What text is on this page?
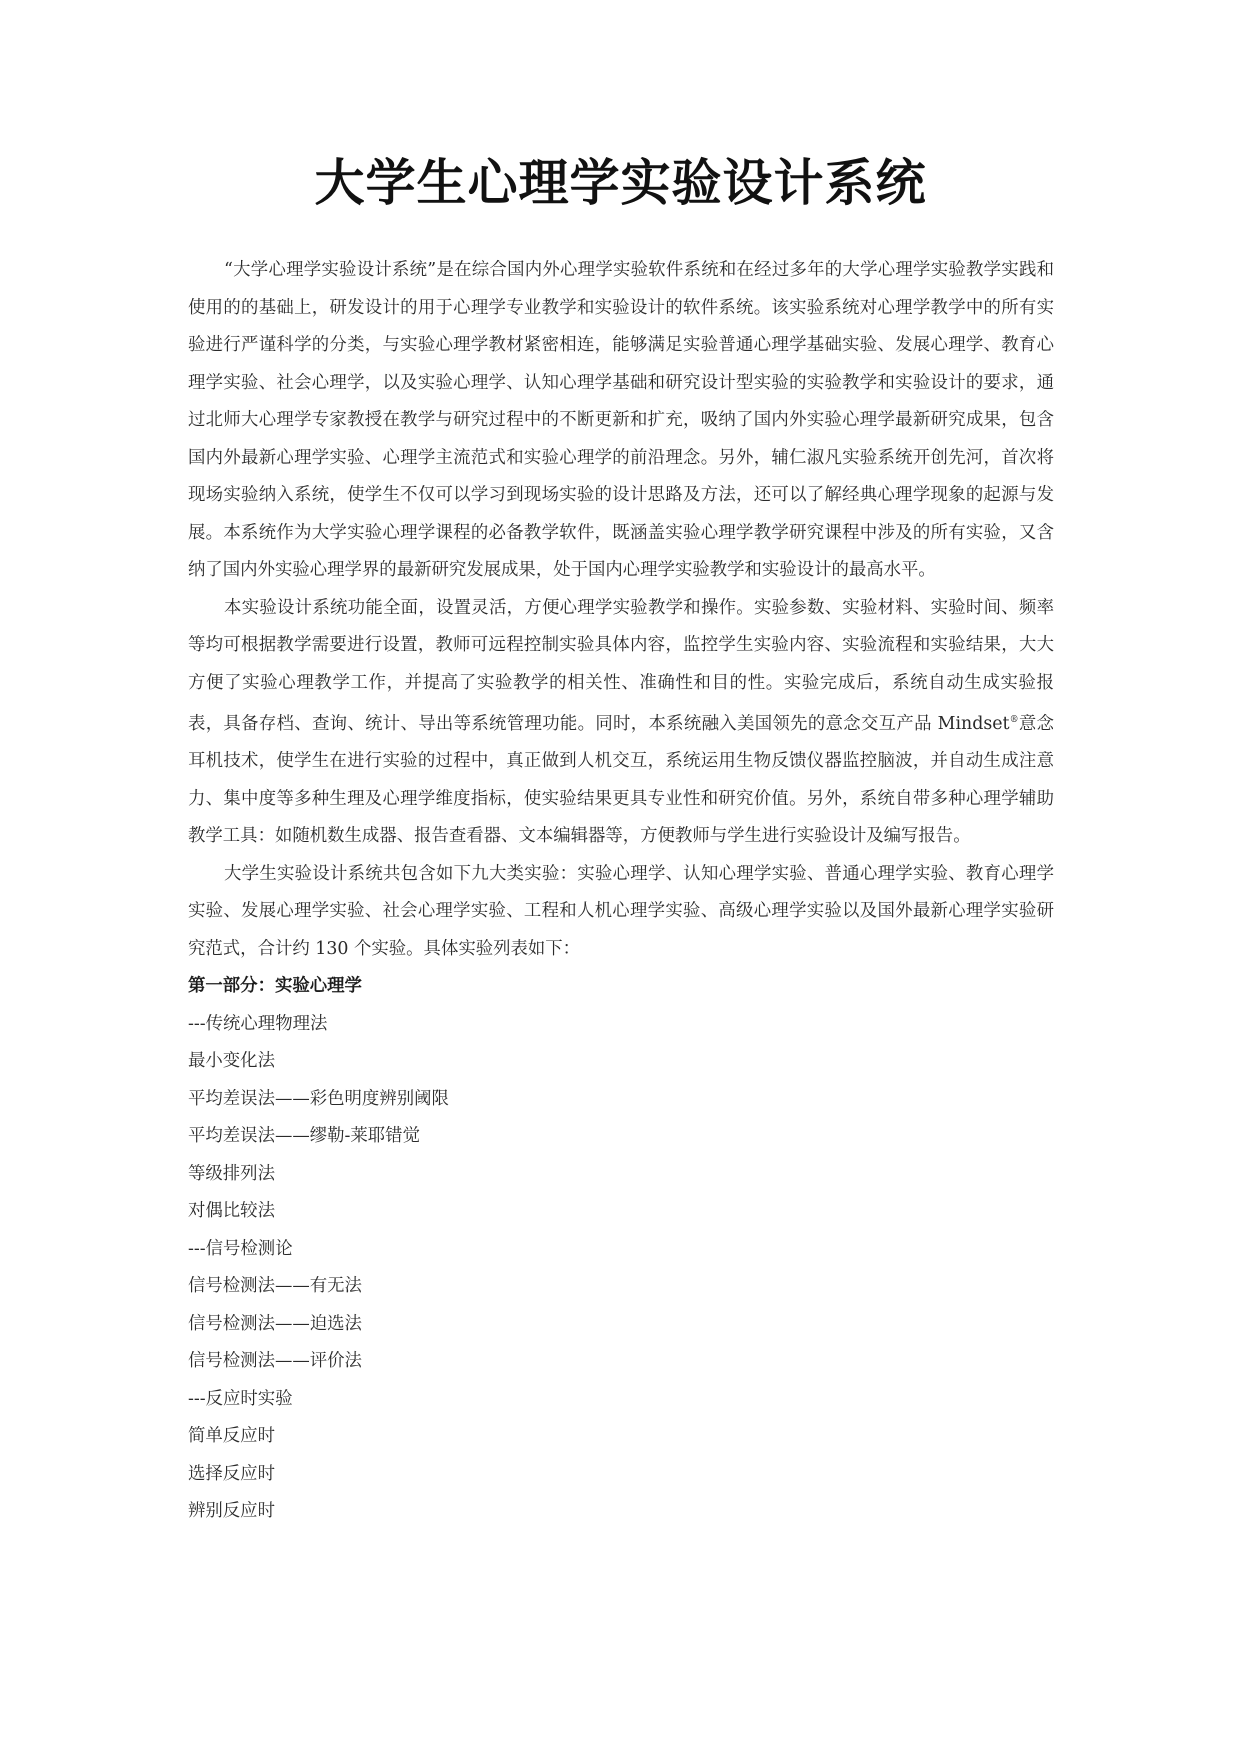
大学生心理学实验设计系统

“大学心理学实验设计系统”是在综合国内外心理学实验软件系统和在经过多年的大学心理学实验教学实践和使用的的基础上，研发设计的用于心理学专业教学和实验设计的软件系统。该实验系统对心理学教学中的所有实验进行严谨科学的分类，与实验心理学教材紧密相连，能够满足实验普通心理学基础实验、发展心理学、教育心理学实验、社会心理学，以及实验心理学、认知心理学基础和研究设计型实验的实验教学和实验设计的要求，通过北师大心理学专家教授在教学与研究过程中的不断更新和扩充，吸纳了国内外实验心理学最新研究成果，包含国内外最新心理学实验、心理学主流范式和实验心理学的前沿理念。另外，辅仁淑凡实验系统开创先河，首次将现场实验纳入系统，使学生不仅可以学习到现场实验的设计思路及方法，还可以了解经典心理学现象的起源与发展。本系统作为大学实验心理学课程的必备教学软件，既涵盖实验心理学教学研究课程中涉及的所有实验，又含纳了国内外实验心理学界的最新研究发展成果，处于国内心理学实验教学和实验设计的最高水平。

本实验设计系统功能全面，设置灵活，方便心理学实验教学和操作。实验参数、实验材料、实验时间、频率等均可根据教学需要进行设置，教师可远程控制实验具体内容，监控学生实验内容、实验流程和实验结果，大大方便了实验心理教学工作，并提高了实验教学的相关性、准确性和目的性。实验完成后，系统自动生成实验报表，具备存档、查询、统计、导出等系统管理功能。同时，本系统融入美国领先的意念交互产品 Mindset®意念耳机技术，使学生在进行实验的过程中，真正做到人机交互，系统运用生物反馈仪器监控脑波，并自动生成注意力、集中度等多种生理及心理学维度指标，使实验结果更具专业性和研究价值。另外，系统自带多种心理学辅助教学工具：如随机数生成器、报告查看器、文本编辑器等，方便教师与学生进行实验设计及编写报告。

大学生实验设计系统共包含如下九大类实验：实验心理学、认知心理学实验、普通心理学实验、教育心理学实验、发展心理学实验、社会心理学实验、工程和人机心理学实验、高级心理学实验以及国外最新心理学实验研究范式，合计约 130 个实验。具体实验列表如下：

第一部分：实验心理学

---传统心理物理法
最小变化法
平均差误法——彩色明度辨别阈限
平均差误法——缪勒-莱耶错觉
等级排列法
对偶比较法
---信号检测论
信号检测法——有无法
信号检测法——迫选法
信号检测法——评价法
---反应时实验
简单反应时
选择反应时
辨别反应时
